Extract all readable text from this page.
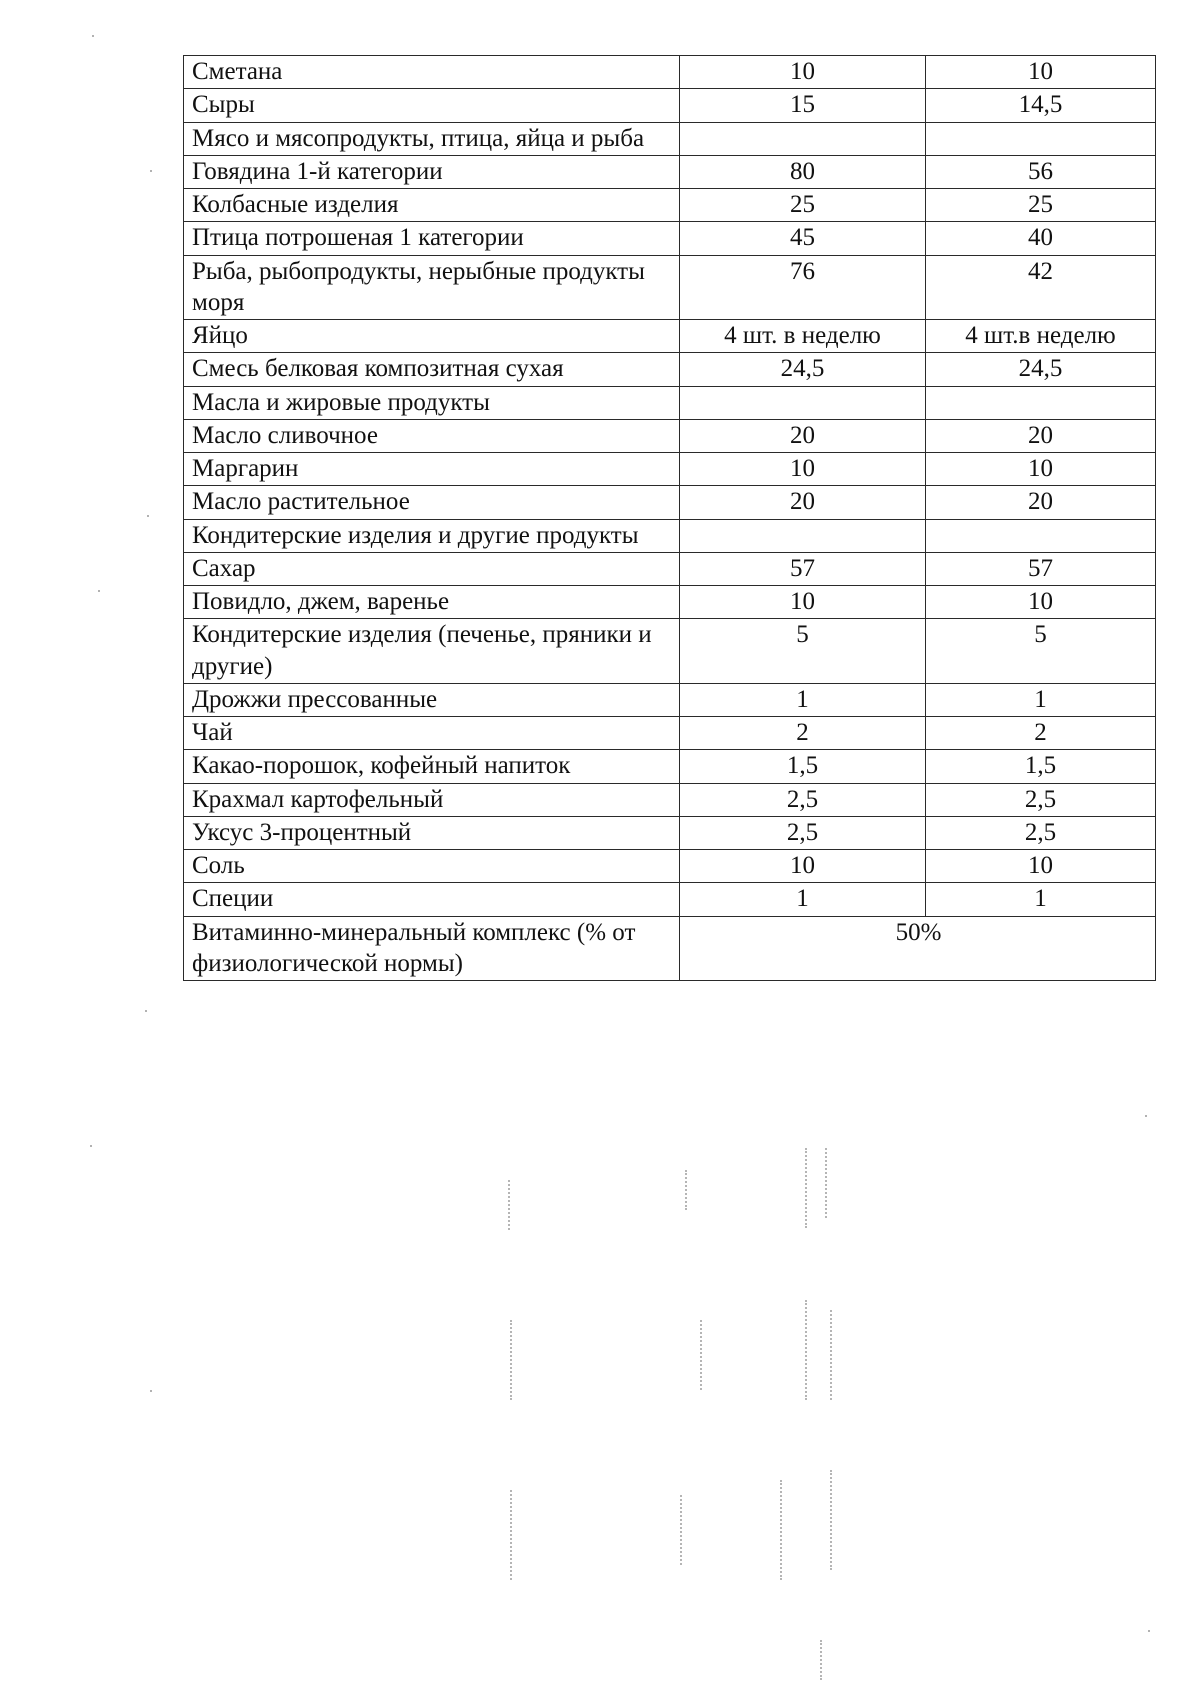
Сметана	10	10
Сыры	15	14,5
Мясо и мясопродукты, птица, яйца и рыба		
Говядина 1-й категории	80	56
Колбасные изделия	25	25
Птица потрошеная 1 категории	45	40
Рыба, рыбопродукты, нерыбные продукты моря	76	42
Яйцо	4 шт. в неделю	4 шт.в неделю
Смесь белковая композитная сухая	24,5	24,5
Масла и жировые продукты		
Масло сливочное	20	20
Маргарин	10	10
Масло растительное	20	20
Кондитерские изделия и другие продукты		
Сахар	57	57
Повидло, джем, варенье	10	10
Кондитерские изделия (печенье, пряники и другие)	5	5
Дрожжи прессованные	1	1
Чай	2	2
Какао-порошок, кофейный напиток	1,5	1,5
Крахмал картофельный	2,5	2,5
Уксус 3-процентный	2,5	2,5
Соль	10	10
Специи	1	1
Витаминно-минеральный комплекс (% от физиологической нормы)	50%	
